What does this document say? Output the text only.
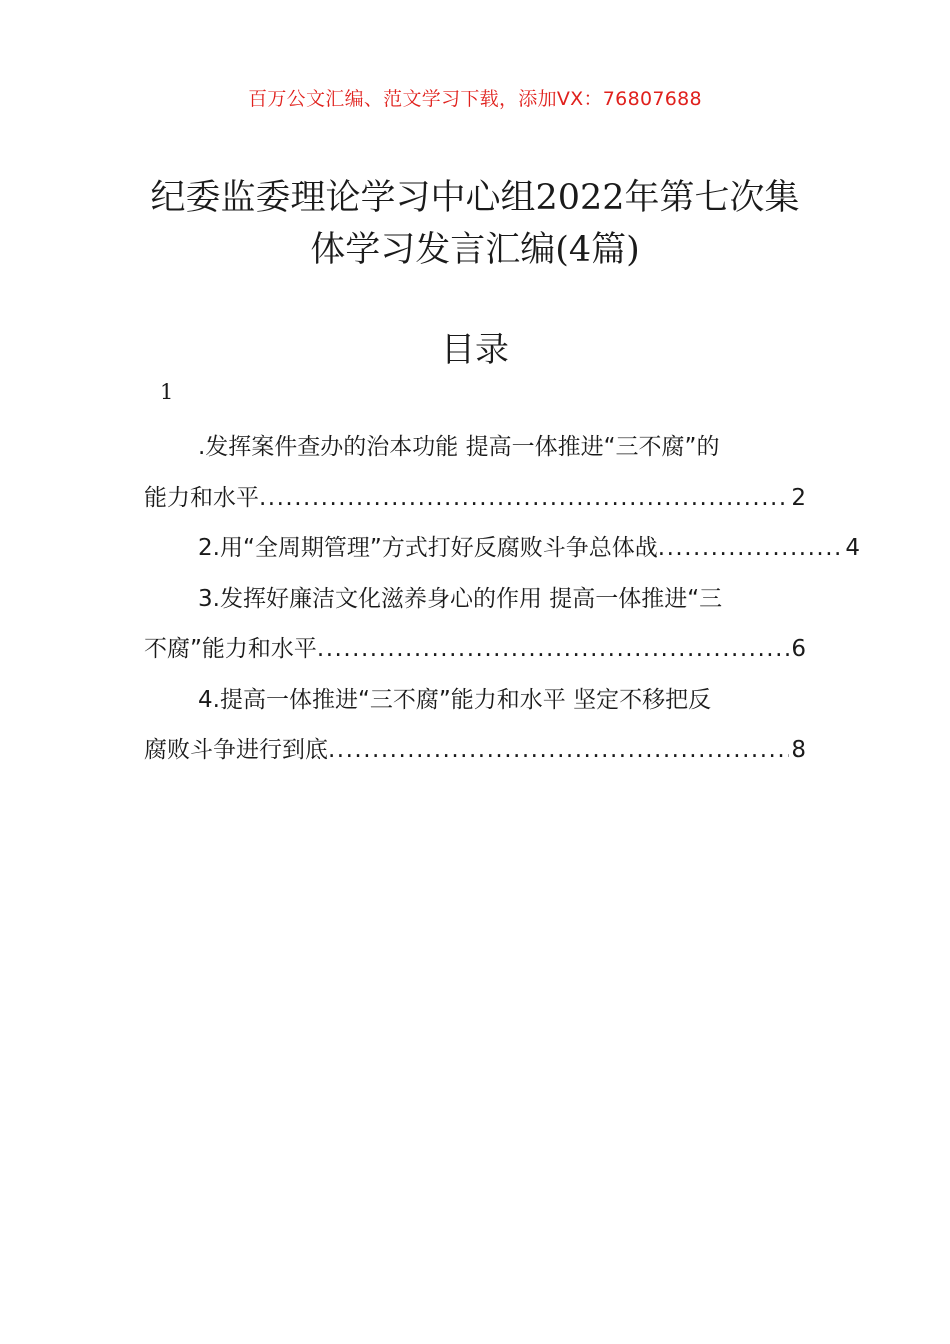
百万公文汇编、范文学习下载，添加VX：76807688
纪委监委理论学习中心组2022年第七次集
体学习发言汇编(4篇)
目录
1
.发挥案件查办的治本功能 提高一体推进“三不腐”的
能力和水平 .....	2
2.用“全周期管理”方式打好反腐败斗争总体战 .....	4
3.发挥好廉洁文化滋养身心的作用 提高一体推进“三
不腐”能力和水平 .....	6
4.提高一体推进“三不腐”能力和水平 坚定不移把反
腐败斗争进行到底 .....	8
